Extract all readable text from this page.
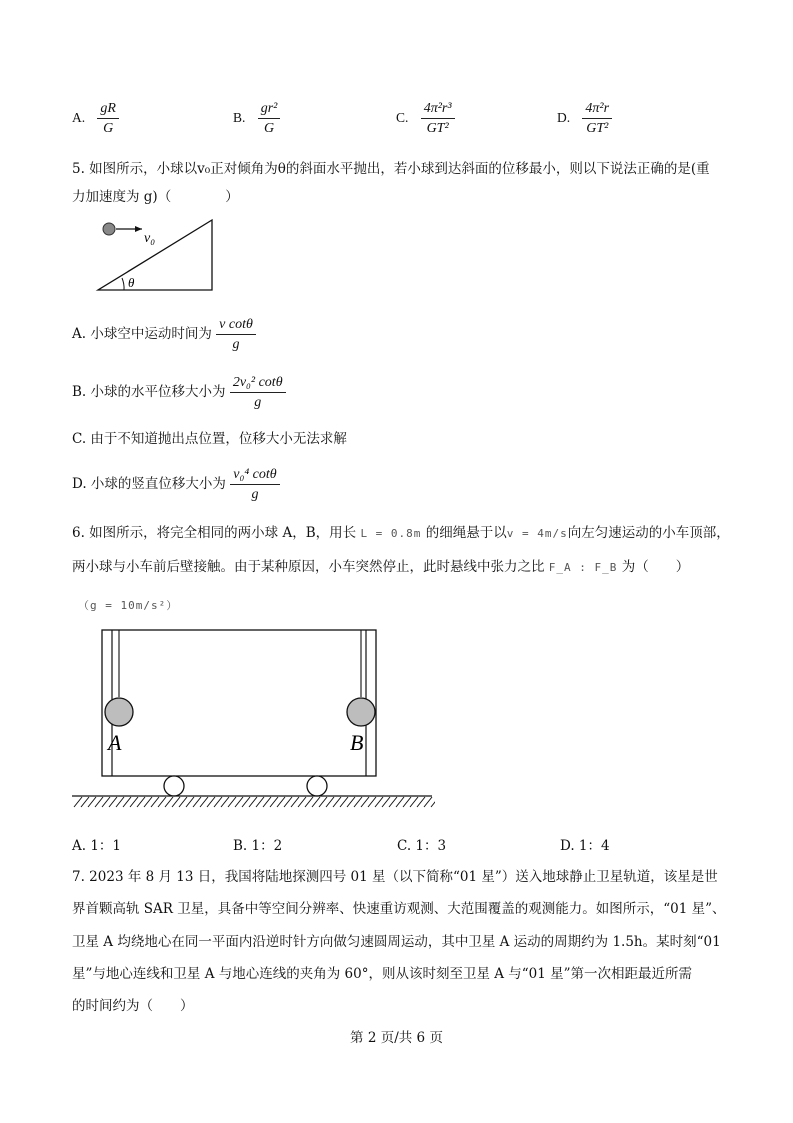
A. $\frac{gR}{G}$	B. $\frac{\text{gr²}}{G}$	C. $\frac{\text{4π²r³}}{\text{GT²}}$	D. $\frac{\text{4π²r}}{\text{GT²}}$
5. 如图所示，小球以v₀正对倾角为θ的斜面水平抛出，若小球到达斜面的位移最小，则以下说法正确的是(重
力加速度为 g)（　　　　）
v₀
θ
A. 小球空中运动时间为 $\frac{\text{v cotθ}}{g}$
B. 小球的水平位移大小为 $\frac{\text{2v₀² cotθ}}{g}$
C. 由于不知道抛出点位置，位移大小无法求解
D. 小球的竖直位移大小为 $\frac{\text{v₀⁴ cotθ}}{g}$
6. 如图所示，将完全相同的两小球 A，B，用长 L = 0.8m 的细绳悬于以v = 4m/s向左匀速运动的小车顶部，
两小球与小车前后壁接触。由于某种原因，小车突然停止，此时悬线中张力之比 F_A : F_B 为（　　）
（g = 10m/s²）
A	B
A. 1：1	B. 1：2	C. 1：3	D. 1：4
7. 2023 年 8 月 13 日，我国将陆地探测四号 01 星（以下简称“01 星”）送入地球静止卫星轨道，该星是世
界首颗高轨 SAR 卫星，具备中等空间分辨率、快速重访观测、大范围覆盖的观测能力。如图所示，“01 星”、
卫星 A 均绕地心在同一平面内沿逆时针方向做匀速圆周运动，其中卫星 A 运动的周期约为 1.5h。某时刻“01
星”与地心连线和卫星 A 与地心连线的夹角为 60°，则从该时刻至卫星 A 与“01 星”第一次相距最近所需
的时间约为（　　）
第 2 页/共 6 页
